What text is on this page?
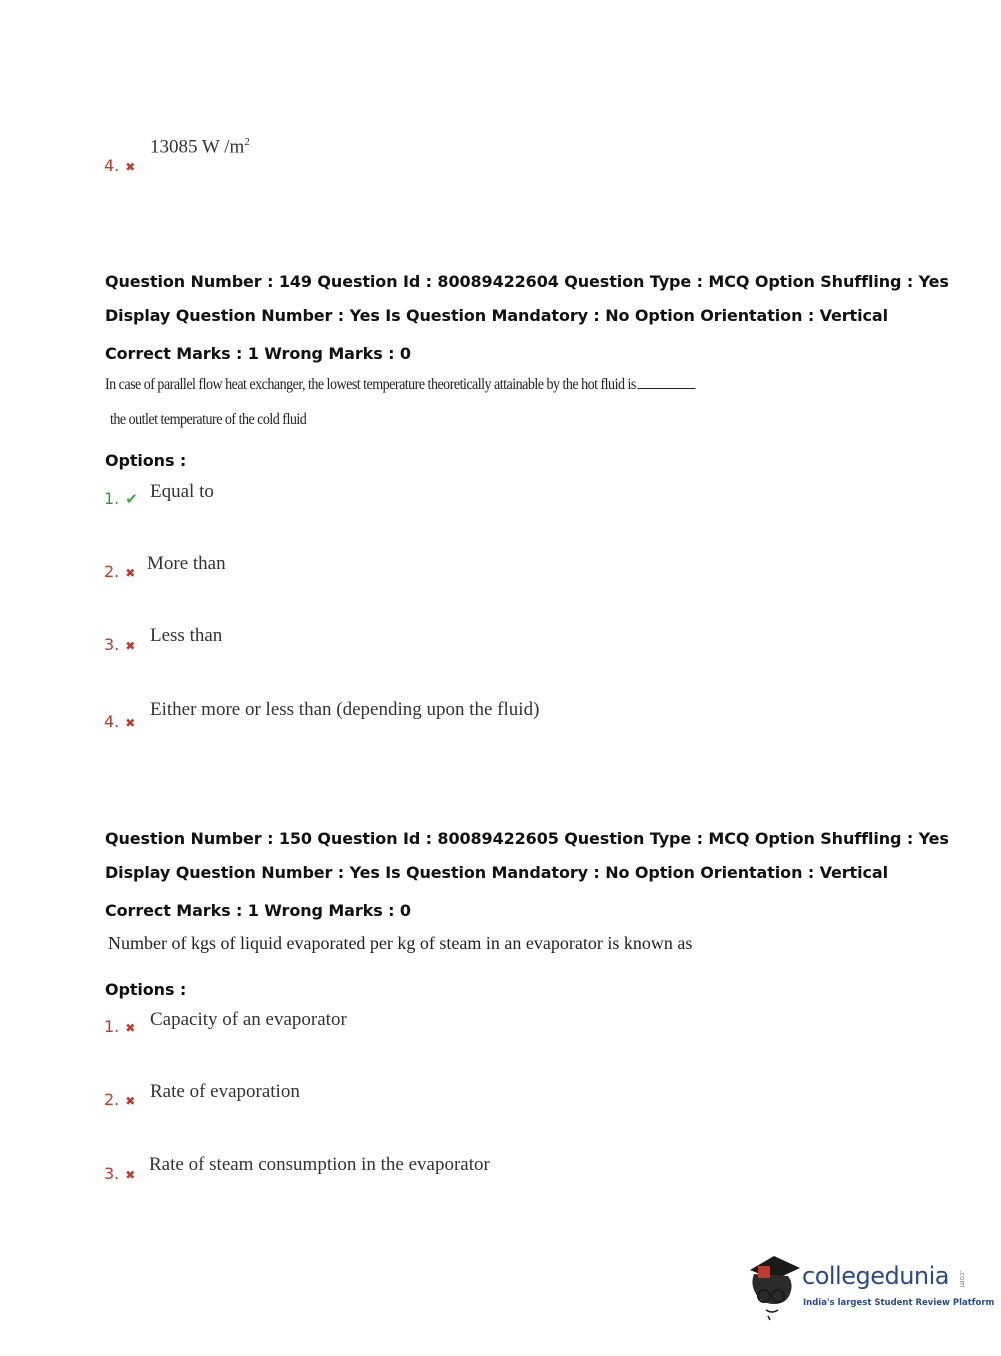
4. ✖
13085 W $/m^2$
Question Number : 149 Question Id : 80089422604 Question Type : MCQ Option Shuffling : Yes
Display Question Number : Yes Is Question Mandatory : No Option Orientation : Vertical
Correct Marks : 1 Wrong Marks : 0
In case of parallel flow heat exchanger, the lowest temperature theoretically attainable by the hot fluid is
the outlet temperature of the cold fluid
Options :
1. ✔ Equal to
2. ✖ More than
3. ✖ Less than
4. ✖
Either more or less than (depending upon the fluid)
Question Number : 150 Question Id : 80089422605 Question Type : MCQ Option Shuffling : Yes
Display Question Number : Yes Is Question Mandatory : No Option Orientation : Vertical
Correct Marks : 1 Wrong Marks : 0
Number of kgs of liquid evaporated per kg of steam in an evaporator is known as
Options :
1. ✖ Capacity of an evaporator
2. ✖ Rate of evaporation
3. ✖ Rate of steam consumption in the evaporator
collegedunia .com
India's largest Student Review Platform
